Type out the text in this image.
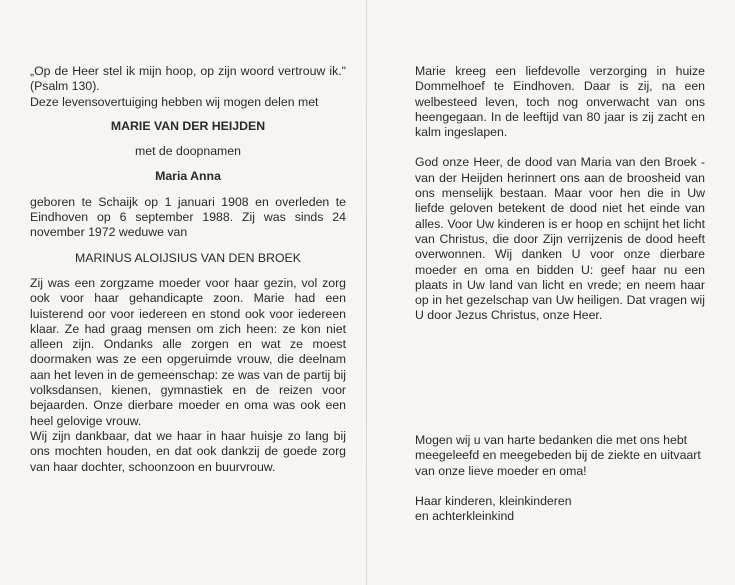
„Op de Heer stel ik mijn hoop, op zijn woord vertrouw ik." (Psalm 130).

Deze levensovertuiging hebben wij mogen delen met

MARIE VAN DER HEIJDEN

met de doopnamen

Maria Anna

geboren te Schaijk op 1 januari 1908 en overleden te Eindhoven op 6 september 1988. Zij was sinds 24 november 1972 weduwe van

MARINUS ALOIJSIUS VAN DEN BROEK

Zij was een zorgzame moeder voor haar gezin, vol zorg ook voor haar gehandicapte zoon. Marie had een luisterend oor voor iedereen en stond ook voor iedereen klaar. Ze had graag mensen om zich heen: ze kon niet alleen zijn. Ondanks alle zorgen en wat ze moest doormaken was ze een opgeruimde vrouw, die deelnam aan het leven in de gemeenschap: ze was van de partij bij volksdansen, kienen, gymnastiek en de reizen voor bejaarden. Onze dierbare moeder en oma was ook een heel gelovige vrouw.

Wij zijn dankbaar, dat we haar in haar huisje zo lang bij ons mochten houden, en dat ook dankzij de goede zorg van haar dochter, schoonzoon en buurvrouw.

Marie kreeg een liefdevolle verzorging in huize Dommelhoef te Eindhoven. Daar is zij, na een welbesteed leven, toch nog onverwacht van ons heengegaan. In de leeftijd van 80 jaar is zij zacht en kalm ingeslapen.

God onze Heer, de dood van Maria van den Broek - van der Heijden herinnert ons aan de broosheid van ons menselijk bestaan. Maar voor hen die in Uw liefde geloven betekent de dood niet het einde van alles. Voor Uw kinderen is er hoop en schijnt het licht van Christus, die door Zijn verrijzenis de dood heeft overwonnen. Wij danken U voor onze dierbare moeder en oma en bidden U: geef haar nu een plaats in Uw land van licht en vrede; en neem haar op in het gezelschap van Uw heiligen. Dat vragen wij U door Jezus Christus, onze Heer.

Mogen wij u van harte bedanken die met ons hebt meegeleefd en meegebeden bij de ziekte en uitvaart van onze lieve moeder en oma!

Haar kinderen, kleinkinderen

en achterkleinkind
